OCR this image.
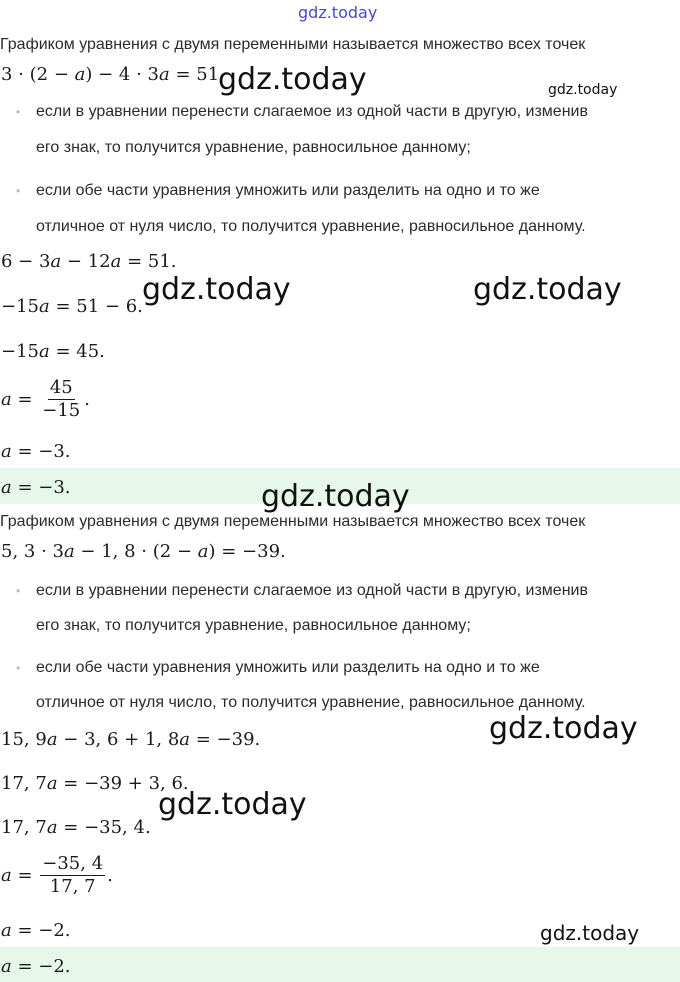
gdz.today
Графиком уравнения с двумя переменными называется множество всех точек
3 · (2 − a) − 4 · 3a = 51
gdz.today	gdz.today
• если в уравнении перенести слагаемое из одной части в другую, изменив
его знак, то получится уравнение, равносильное данному;
• если обе части уравнения умножить или разделить на одно и то же
отличное от нуля число, то получится уравнение, равносильное данному.
6 − 3a − 12a = 51.
−15a = 51 − 6. gdz.today	gdz.today
−15a = 45.
$a = \frac{45}{-15}$ .
a = −3.
a = −3.	gdz.today
Графиком уравнения с двумя переменными называется множество всех точек
5, 3 · 3a − 1, 8 · (2 − a) = −39.
• если в уравнении перенести слагаемое из одной части в другую, изменив
его знак, то получится уравнение, равносильное данному;
• если обе части уравнения умножить или разделить на одно и то же
отличное от нуля число, то получится уравнение, равносильное данному.
15, 9a − 3, 6 + 1, 8a = −39.	gdz.today
17, 7a = −39 + 3, 6.
gdz.today
17, 7a = −35, 4.
$a = \frac{-35, 4}{17, 7}$ .
a = −2.	gdz.today
a = −2.
